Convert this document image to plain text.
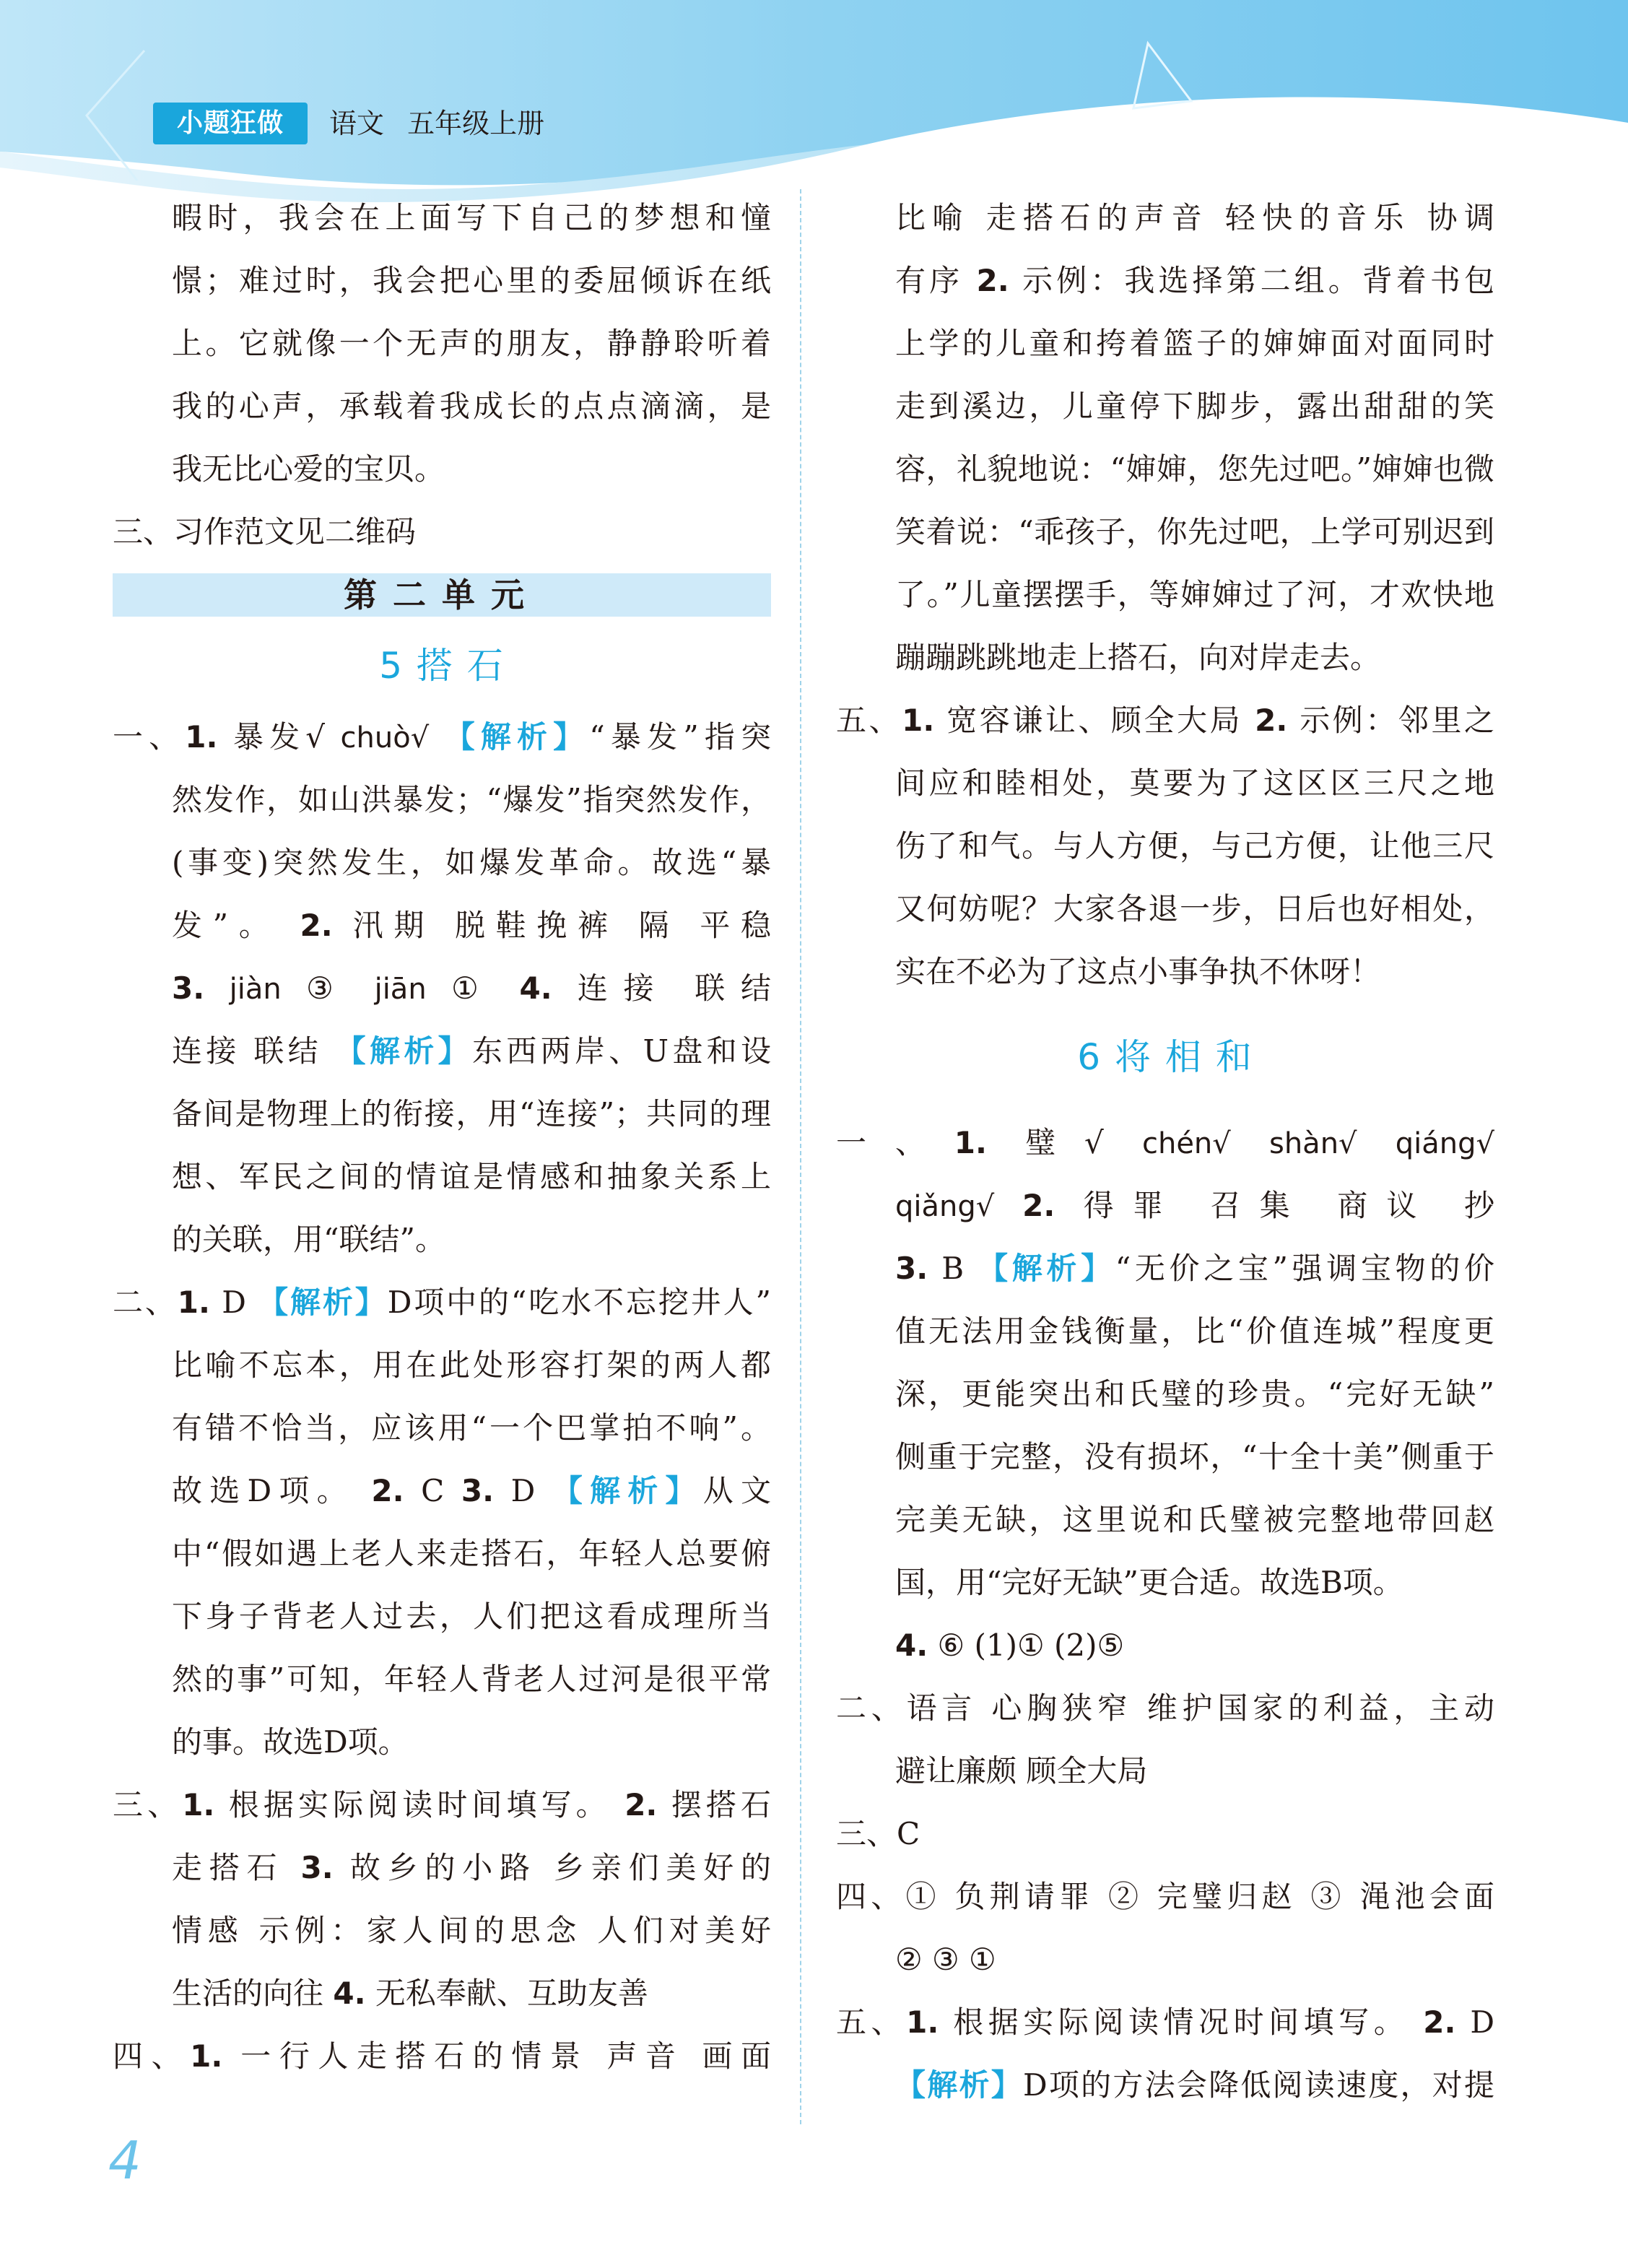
小题狂做	语文 五年级上册
暇时，我会在上面写下自己的梦想和憧
憬；难过时，我会把心里的委屈倾诉在纸
上。它就像一个无声的朋友，静静聆听着
我的心声，承载着我成长的点点滴滴，是
我无比心爱的宝贝。
三、习作范文见二维码
第二单元
5 搭 石
一、1. 暴发√ chuò√ 【解析】“暴发”指突
然发作，如山洪暴发；“爆发”指突然发作，
(事变)突然发生，如爆发革命。故选“暴
发”。 2. 汛期 脱鞋挽裤 隔 平稳
3. jiàn ③ jiān ① 4. 连接 联结
连接 联结 【解析】东西两岸、U盘和设
备间是物理上的衔接，用“连接”；共同的理
想、军民之间的情谊是情感和抽象关系上
的关联，用“联结”。
二、1. D 【解析】D项中的“吃水不忘挖井人”
比喻不忘本，用在此处形容打架的两人都
有错不恰当，应该用“一个巴掌拍不响”。
故选D项。 2. C 3. D 【解析】从文
中“假如遇上老人来走搭石，年轻人总要俯
下身子背老人过去，人们把这看成理所当
然的事”可知，年轻人背老人过河是很平常
的事。故选D项。
三、1. 根据实际阅读时间填写。 2. 摆搭石
走搭石 3. 故乡的小路 乡亲们美好的
情感 示例：家人间的思念 人们对美好
生活的向往 4. 无私奉献、互助友善
四、1. 一行人走搭石的情景 声音 画面
比喻 走搭石的声音 轻快的音乐 协调
有序 2. 示例：我选择第二组。背着书包
上学的儿童和挎着篮子的婶婶面对面同时
走到溪边，儿童停下脚步，露出甜甜的笑
容，礼貌地说：“婶婶，您先过吧。”婶婶也微
笑着说：“乖孩子，你先过吧，上学可别迟到
了。”儿童摆摆手，等婶婶过了河，才欢快地
蹦蹦跳跳地走上搭石，向对岸走去。
五、1. 宽容谦让、顾全大局 2. 示例：邻里之
间应和睦相处，莫要为了这区区三尺之地
伤了和气。与人方便，与己方便，让他三尺
又何妨呢？大家各退一步，日后也好相处，
实在不必为了这点小事争执不休呀！
6 将 相 和
一、1. 璧√ chén√ shàn√ qiáng√
qiǎng√ 2. 得罪 召集 商议 抄
3. B 【解析】“无价之宝”强调宝物的价
值无法用金钱衡量，比“价值连城”程度更
深，更能突出和氏璧的珍贵。“完好无缺”
侧重于完整，没有损坏，“十全十美”侧重于
完美无缺，这里说和氏璧被完整地带回赵
国，用“完好无缺”更合适。故选B项。
4. ⑥ (1)① (2)⑤
二、语言 心胸狭窄 维护国家的利益，主动
避让廉颇 顾全大局
三、C
四、① 负荆请罪 ② 完璧归赵 ③ 渑池会面
② ③ ①
五、1. 根据实际阅读情况时间填写。 2. D
【解析】D项的方法会降低阅读速度，对提
4
